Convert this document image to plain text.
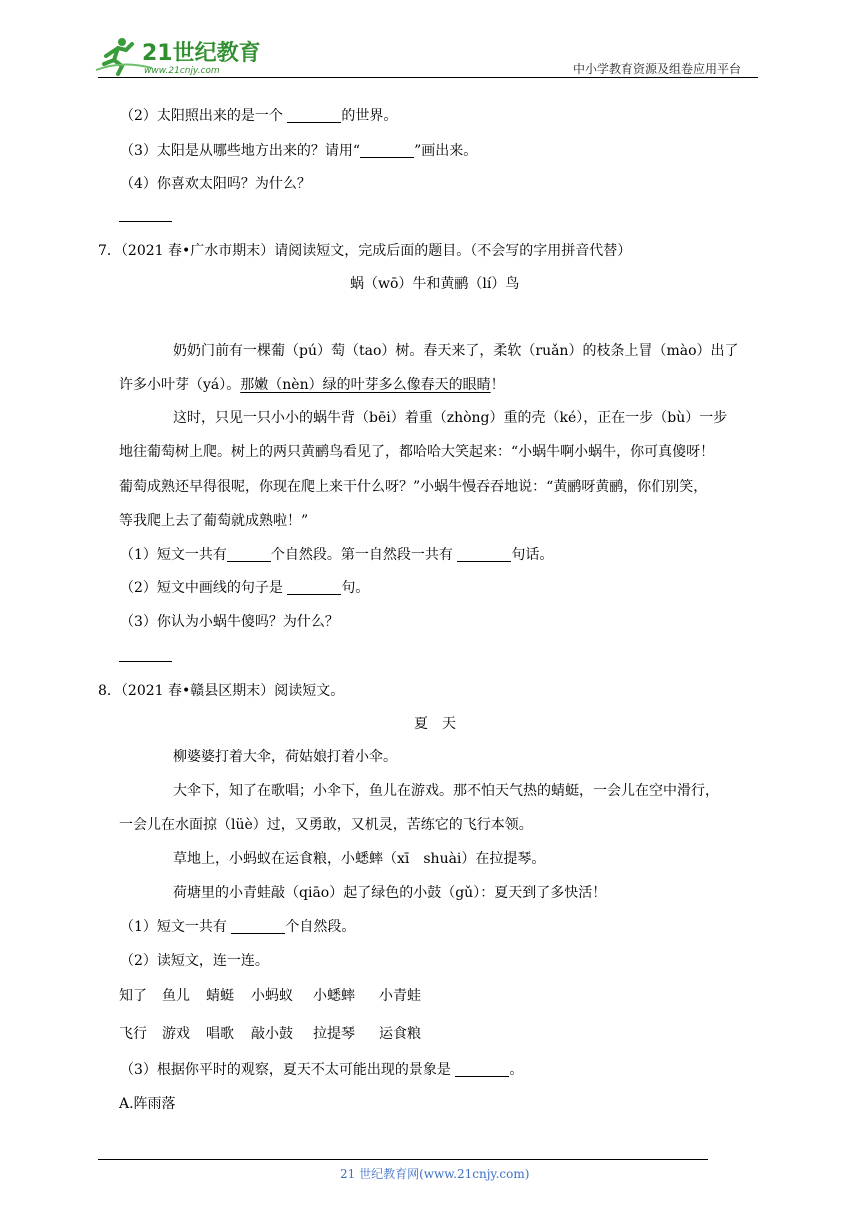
21世纪教育
www.21cnjy.com	中小学教育资源及组卷应用平台
（2）太阳照出来的是一个	的世界。
（3）太阳是从哪些地方出来的？请用“	”画出来。
（4）你喜欢太阳吗？为什么？
7．（2021 春•广水市期末）请阅读短文，完成后面的题目。（不会写的字用拼音代替）
蜗（wō）牛和黄鹂（lí）鸟
奶奶门前有一棵葡（pú）萄（tao）树。春天来了，柔软（ruǎn）的枝条上冒（mào）出了
许多小叶芽（yá）。那嫩（nèn）绿的叶芽多么像春天的眼睛！
这时，只见一只小小的蜗牛背（bēi）着重（zhòng）重的壳（ké），正在一步（bù）一步
地往葡萄树上爬。树上的两只黄鹂鸟看见了，都哈哈大笑起来：“小蜗牛啊小蜗牛，你可真傻呀！
葡萄成熟还早得很呢，你现在爬上来干什么呀？”小蜗牛慢吞吞地说：“黄鹂呀黄鹂，你们别笑，
等我爬上去了葡萄就成熟啦！”
（1）短文一共有	个自然段。第一自然段一共有	句话。
（2）短文中画线的句子是	句。
（3）你认为小蜗牛傻吗？为什么？
8．（2021 春•赣县区期末）阅读短文。
夏　天
柳婆婆打着大伞，荷姑娘打着小伞。
大伞下，知了在歌唱；小伞下，鱼儿在游戏。那不怕天气热的蜻蜓，一会儿在空中滑行，
一会儿在水面掠（lüè）过，又勇敢，又机灵，苦练它的飞行本领。
草地上，小蚂蚁在运食粮，小蟋蟀（xī　shuài）在拉提琴。
荷塘里的小青蛙敲（qiāo）起了绿色的小鼓（gǔ）：夏天到了多快活！
（1）短文一共有	个自然段。
（2）读短文，连一连。
知了 鱼儿 蜻蜓 小蚂蚁 小蟋蟀 小青蛙
飞行 游戏 唱歌 敲小鼓 拉提琴 运食粮
（3）根据你平时的观察，夏天不太可能出现的景象是	。
A.阵雨落
21 世纪教育网(www.21cnjy.com)
